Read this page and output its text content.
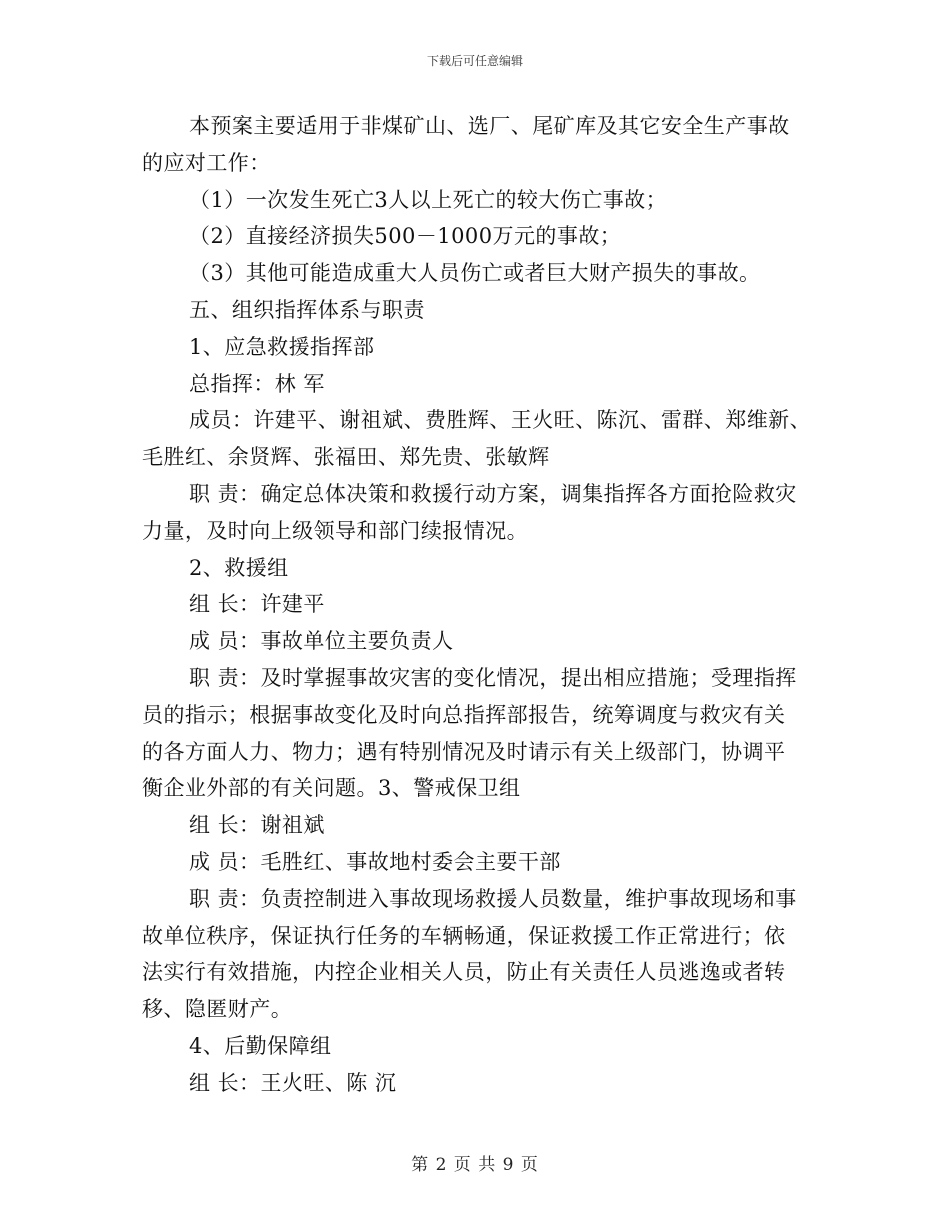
下载后可任意编辑
本预案主要适用于非煤矿山、选厂、尾矿库及其它安全生产事故
的应对工作：
（1）一次发生死亡3人以上死亡的较大伤亡事故；
（2）直接经济损失500－1000万元的事故；
（3）其他可能造成重大人员伤亡或者巨大财产损失的事故。
五、组织指挥体系与职责
1、应急救援指挥部
总指挥：林 军
成员：许建平、谢祖斌、费胜辉、王火旺、陈沉、雷群、郑维新、
毛胜红、余贤辉、张福田、郑先贵、张敏辉
职 责：确定总体决策和救援行动方案，调集指挥各方面抢险救灾
力量，及时向上级领导和部门续报情况。
2、救援组
组 长：许建平
成 员：事故单位主要负责人
职 责：及时掌握事故灾害的变化情况，提出相应措施；受理指挥
员的指示；根据事故变化及时向总指挥部报告，统筹调度与救灾有关
的各方面人力、物力；遇有特别情况及时请示有关上级部门，协调平
衡企业外部的有关问题。3、警戒保卫组
组 长：谢祖斌
成 员：毛胜红、事故地村委会主要干部
职 责：负责控制进入事故现场救援人员数量，维护事故现场和事
故单位秩序，保证执行任务的车辆畅通，保证救援工作正常进行；依
法实行有效措施，内控企业相关人员，防止有关责任人员逃逸或者转
移、隐匿财产。
4、后勤保障组
组 长：王火旺、陈 沉
第 2 页 共 9 页
